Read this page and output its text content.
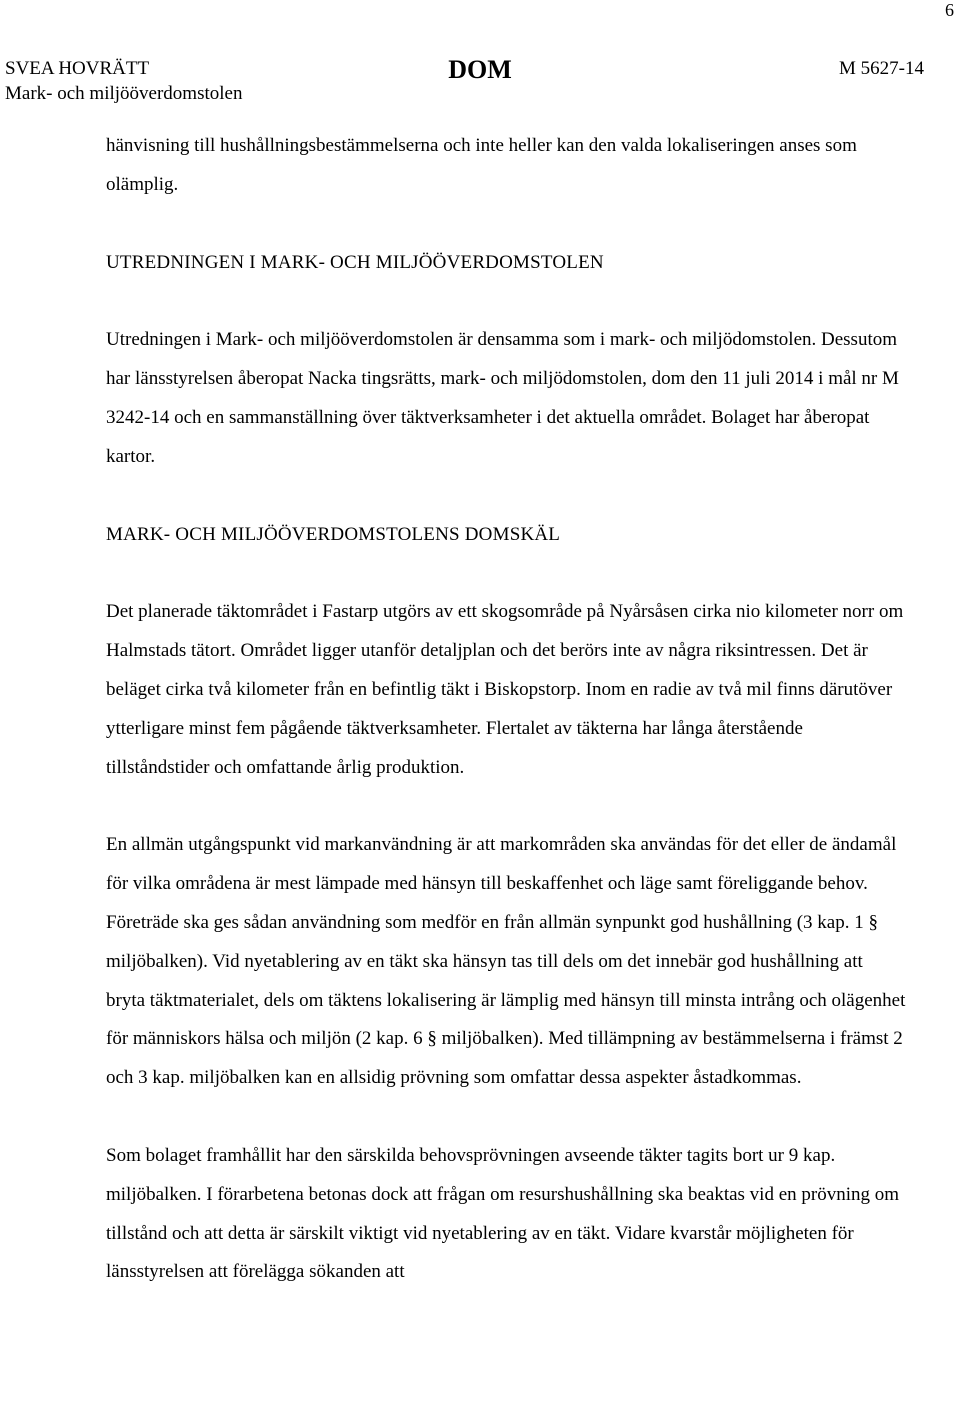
6
SVEA HOVRÄTT
Mark- och miljööverdomstolen
DOM	M 5627-14

hänvisning till hushållningsbestämmelserna och inte heller kan den valda lokaliseringen anses som olämplig.

UTREDNINGEN I MARK- OCH MILJÖÖVERDOMSTOLEN

Utredningen i Mark- och miljööverdomstolen är densamma som i mark- och miljödomstolen. Dessutom har länsstyrelsen åberopat Nacka tingsrätts, mark- och miljödomstolen, dom den 11 juli 2014 i mål nr M 3242-14 och en sammanställning över täktverksamheter i det aktuella området. Bolaget har åberopat kartor.

MARK- OCH MILJÖÖVERDOMSTOLENS DOMSKÄL

Det planerade täktområdet i Fastarp utgörs av ett skogsområde på Nyårsåsen cirka nio kilometer norr om Halmstads tätort. Området ligger utanför detaljplan och det berörs inte av några riksintressen. Det är beläget cirka två kilometer från en befintlig täkt i Biskopstorp. Inom en radie av två mil finns därutöver ytterligare minst fem pågående täktverksamheter. Flertalet av täkterna har långa återstående tillståndstider och omfattande årlig produktion.

En allmän utgångspunkt vid markanvändning är att markområden ska användas för det eller de ändamål för vilka områdena är mest lämpade med hänsyn till beskaffenhet och läge samt föreliggande behov. Företräde ska ges sådan användning som medför en från allmän synpunkt god hushållning (3 kap. 1 § miljöbalken). Vid nyetablering av en täkt ska hänsyn tas till dels om det innebär god hushållning att bryta täktmaterialet, dels om täktens lokalisering är lämplig med hänsyn till minsta intrång och olägenhet för människors hälsa och miljön (2 kap. 6 § miljöbalken). Med tillämpning av bestämmelserna i främst 2 och 3 kap. miljöbalken kan en allsidig prövning som omfattar dessa aspekter åstadkommas.

Som bolaget framhållit har den särskilda behovsprövningen avseende täkter tagits bort ur 9 kap. miljöbalken. I förarbetena betonas dock att frågan om resurshushållning ska beaktas vid en prövning om tillstånd och att detta är särskilt viktigt vid nyetablering av en täkt. Vidare kvarstår möjligheten för länsstyrelsen att förelägga sökanden att
